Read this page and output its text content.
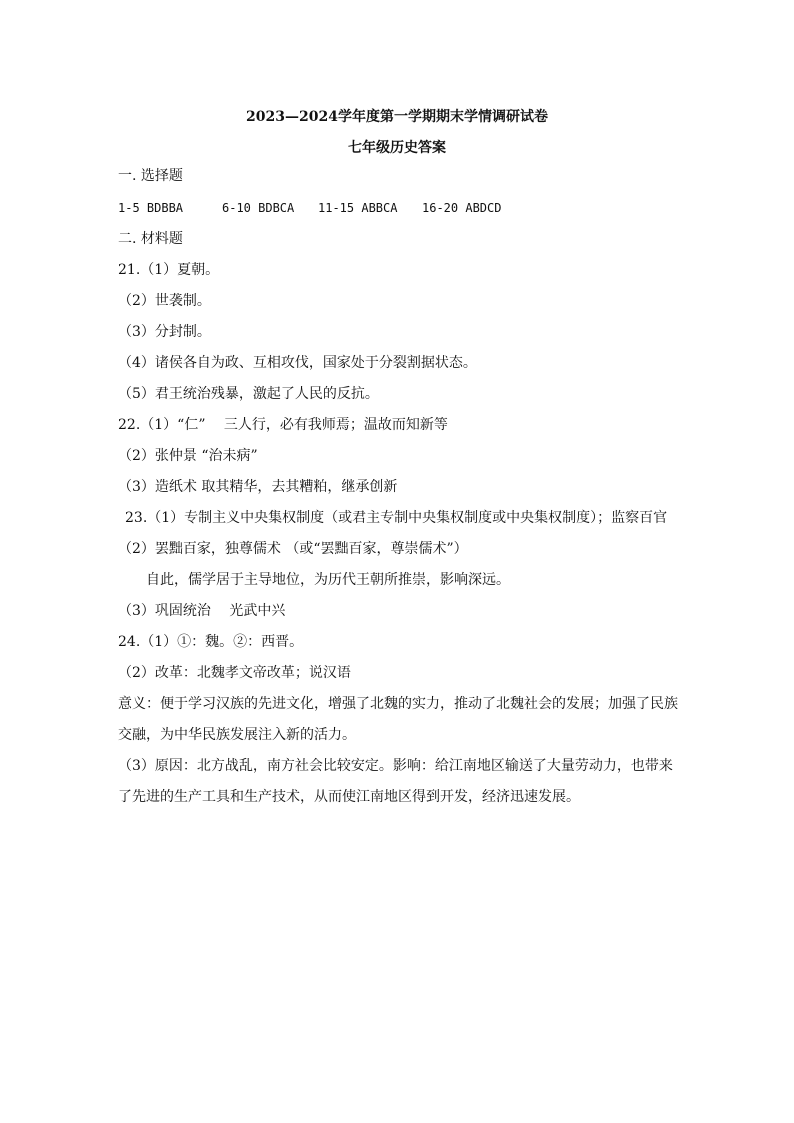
2023—2024学年度第一学期期末学情调研试卷
七年级历史答案
一. 选择题
1-5 BDBBA	6-10 BDBCA 11-15 ABBCA 16-20 ABDCD
二. 材料题
21.（1）夏朝。
（2）世袭制。
（3）分封制。
（4）诸侯各自为政、互相攻伐，国家处于分裂割据状态。
（5）君王统治残暴，激起了人民的反抗。
22.（1）“仁”　 三人行，必有我师焉；温故而知新等
（2）张仲景 “治未病”
（3）造纸术 取其精华，去其糟粕，继承创新
23.（1）专制主义中央集权制度（或君主专制中央集权制度或中央集权制度）；监察百官
（2）罢黜百家，独尊儒术 （或“罢黜百家，尊崇儒术”）
自此，儒学居于主导地位，为历代王朝所推崇，影响深远。
（3）巩固统治　 光武中兴
24.（1）①：魏。②：西晋。
（2）改革：北魏孝文帝改革；说汉语
意义：便于学习汉族的先进文化，增强了北魏的实力，推动了北魏社会的发展；加强了民族
交融，为中华民族发展注入新的活力。
（3）原因：北方战乱，南方社会比较安定。影响：给江南地区输送了大量劳动力，也带来
了先进的生产工具和生产技术，从而使江南地区得到开发，经济迅速发展。
